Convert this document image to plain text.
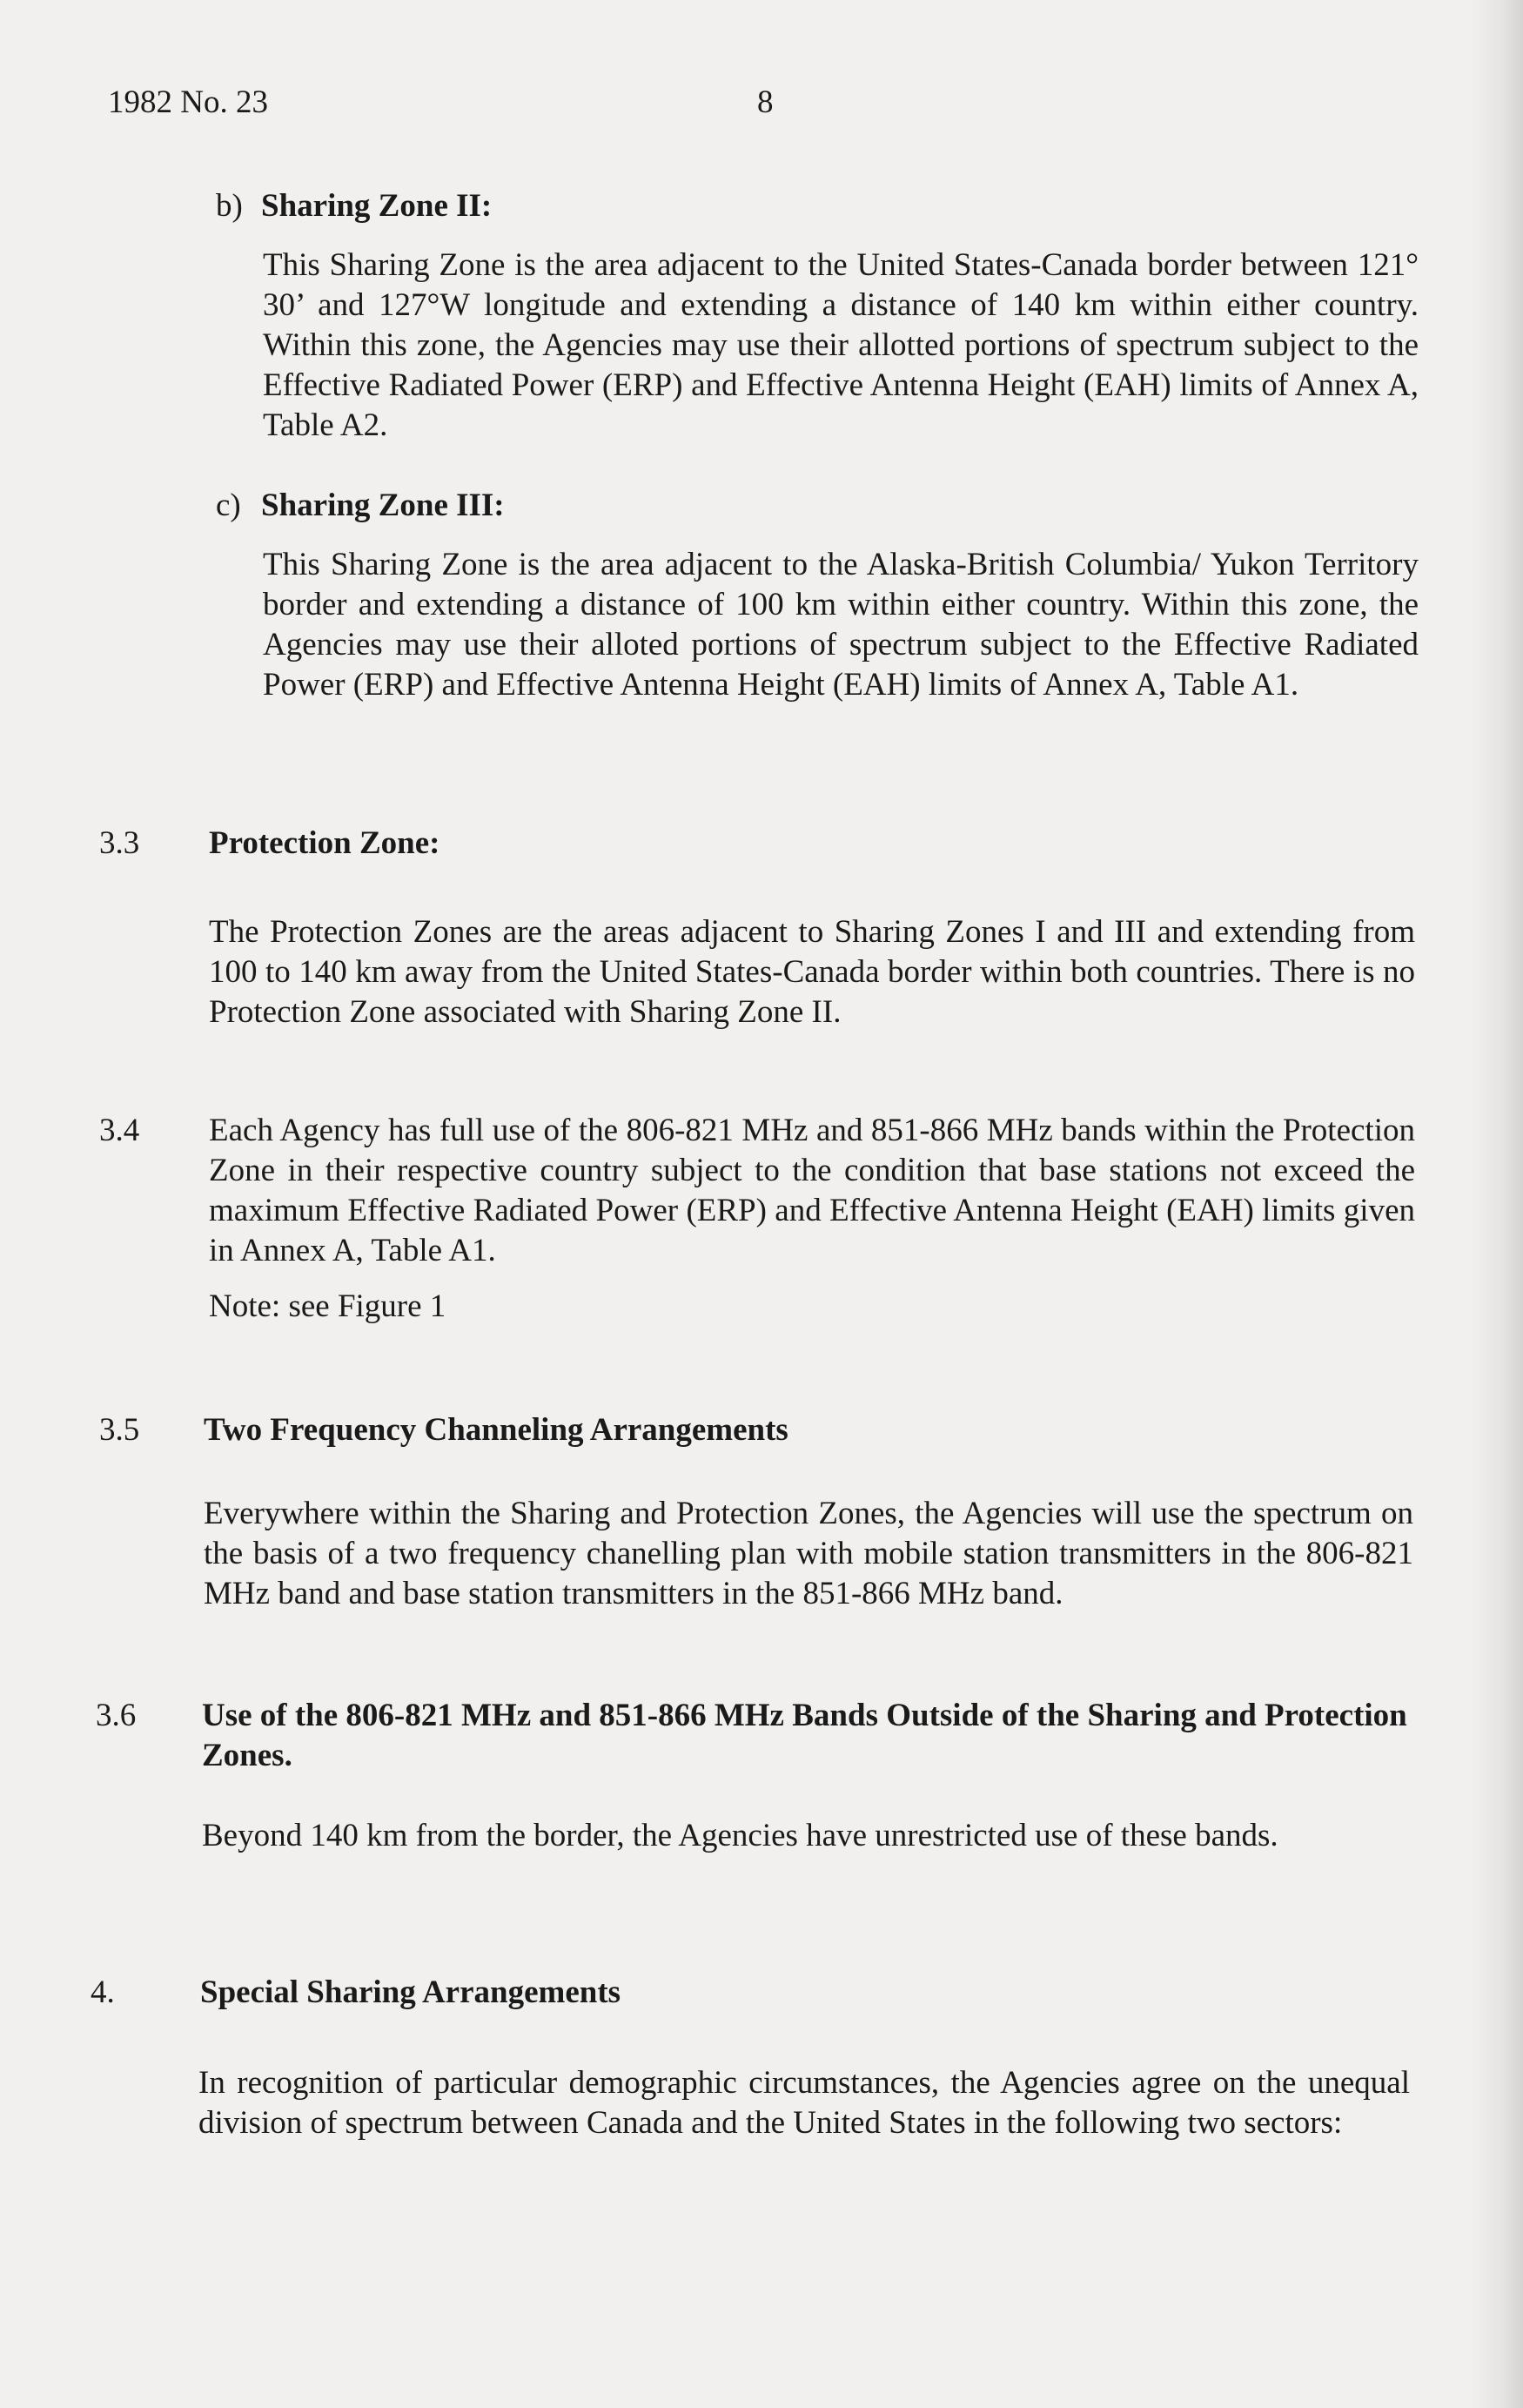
1982 No. 23	8
b) Sharing Zone II:
This Sharing Zone is the area adjacent to the United States-Canada border between 121° 30’ and 127°W longitude and extending a distance of 140 km within either country. Within this zone, the Agencies may use their allotted portions of spectrum subject to the Effective Radiated Power (ERP) and Effective Antenna Height (EAH) limits of Annex A, Table A2.
c) Sharing Zone III:
This Sharing Zone is the area adjacent to the Alaska-British Columbia/ Yukon Territory border and extending a distance of 100 km within either country. Within this zone, the Agencies may use their alloted portions of spectrum subject to the Effective Radiated Power (ERP) and Effective Antenna Height (EAH) limits of Annex A, Table A1.
3.3 Protection Zone:
The Protection Zones are the areas adjacent to Sharing Zones I and III and extending from 100 to 140 km away from the United States-Canada border within both countries. There is no Protection Zone associated with Sharing Zone II.
3.4 Each Agency has full use of the 806-821 MHz and 851-866 MHz bands within the Protection Zone in their respective country subject to the condition that base stations not exceed the maximum Effective Radiated Power (ERP) and Effective Antenna Height (EAH) limits given in Annex A, Table A1.
Note: see Figure 1
3.5 Two Frequency Channeling Arrangements
Everywhere within the Sharing and Protection Zones, the Agencies will use the spectrum on the basis of a two frequency chanelling plan with mobile station transmitters in the 806-821 MHz band and base station transmitters in the 851-866 MHz band.
3.6 Use of the 806-821 MHz and 851-866 MHz Bands Outside of the Sharing and Protection Zones.
Beyond 140 km from the border, the Agencies have unrestricted use of these bands.
4.	Special Sharing Arrangements
In recognition of particular demographic circumstances, the Agencies agree on the unequal division of spectrum between Canada and the United States in the following two sectors:
